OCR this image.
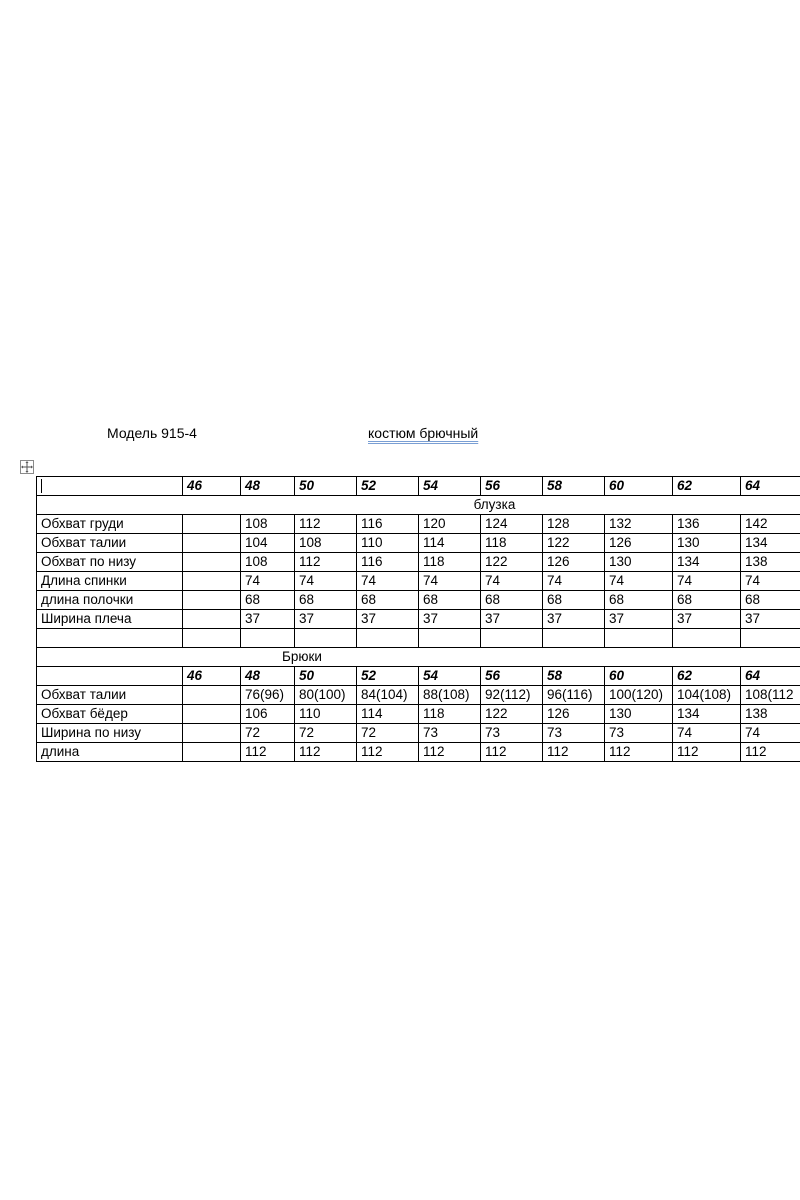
Модель 915-4	костюм брючный
	46	48	50	52	54	56	58	60	62	64
блузка										
Обхват груди		108	112	116	120	124	128	132	136	142
Обхват талии		104	108	110	114	118	122	126	130	134
Обхват по низу		108	112	116	118	122	126	130	134	138
Длина спинки		74	74	74	74	74	74	74	74	74
длина полочки		68	68	68	68	68	68	68	68	68
Ширина плеча		37	37	37	37	37	37	37	37	37

Брюки										
	46	48	50	52	54	56	58	60	62	64
Обхват талии		76(96)	80(100)	84(104)	88(108)	92(112)	96(116)	100(120)	104(108)	108(112
Обхват бёдер		106	110	114	118	122	126	130	134	138
Ширина по низу		72	72	72	73	73	73	73	74	74
длина		112	112	112	112	112	112	112	112	112
